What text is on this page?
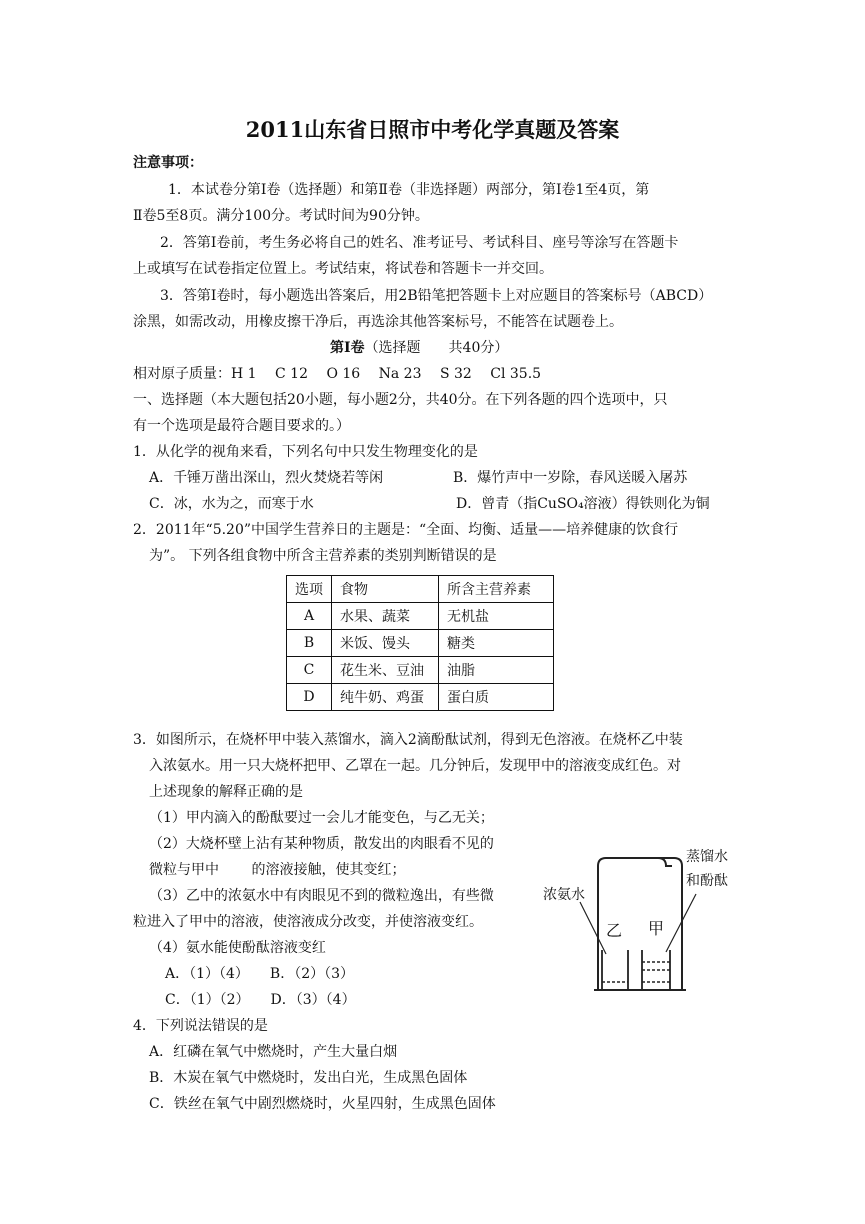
2011山东省日照市中考化学真题及答案
注意事项：
1．本试卷分第Ⅰ卷（选择题）和第Ⅱ卷（非选择题）两部分，第Ⅰ卷1至4页，第
Ⅱ卷5至8页。满分100分。考试时间为90分钟。
2．答第Ⅰ卷前，考生务必将自己的姓名、准考证号、考试科目、座号等涂写在答题卡
上或填写在试卷指定位置上。考试结束，将试卷和答题卡一并交回。
3．答第Ⅰ卷时，每小题选出答案后，用2B铅笔把答题卡上对应题目的答案标号（ABCD）
涂黑，如需改动，用橡皮擦干净后，再选涂其他答案标号，不能答在试题卷上。
第Ⅰ卷（选择题　　共40分）
相对原子质量：H 1　 C 12　 O 16　 Na 23　 S 32　 Cl 35.5
一、选择题（本大题包括20小题，每小题2分，共40分。在下列各题的四个选项中，只
有一个选项是最符合题目要求的。）
1．从化学的视角来看，下列名句中只发生物理变化的是
A．千锤万凿出深山，烈火焚烧若等闲	B．爆竹声中一岁除，春风送暖入屠苏
C．冰，水为之，而寒于水	D．曾青（指CuSO₄溶液）得铁则化为铜
2．2011年“5.20”中国学生营养日的主题是：“全面、均衡、适量——培养健康的饮食行
为”。 下列各组食物中所含主营养素的类别判断错误的是
选项	食物	所含主营养素
A	水果、蔬菜	无机盐
B	米饭、馒头	糖类
C	花生米、豆油	油脂
D	纯牛奶、鸡蛋	蛋白质
3．如图所示，在烧杯甲中装入蒸馏水，滴入2滴酚酞试剂，得到无色溶液。在烧杯乙中装
入浓氨水。用一只大烧杯把甲、乙罩在一起。几分钟后，发现甲中的溶液变成红色。对
上述现象的解释正确的是
（1）甲内滴入的酚酞要过一会儿才能变色，与乙无关；
（2）大烧杯壁上沾有某种物质，散发出的肉眼看不见的
微粒与甲中　　 的溶液接触，使其变红；
（3）乙中的浓氨水中有肉眼见不到的微粒逸出，有些微
粒进入了甲中的溶液，使溶液成分改变，并使溶液变红。
（4）氨水能使酚酞溶液变红
A．（1）（4）　　B．（2）（3）
C．（1）（2）　　D．（3）（4）
蒸馏水
和酚酞
浓氨水
乙 甲
4．下列说法错误的是
A．红磷在氧气中燃烧时，产生大量白烟
B．木炭在氧气中燃烧时，发出白光，生成黑色固体
C．铁丝在氧气中剧烈燃烧时，火星四射，生成黑色固体
